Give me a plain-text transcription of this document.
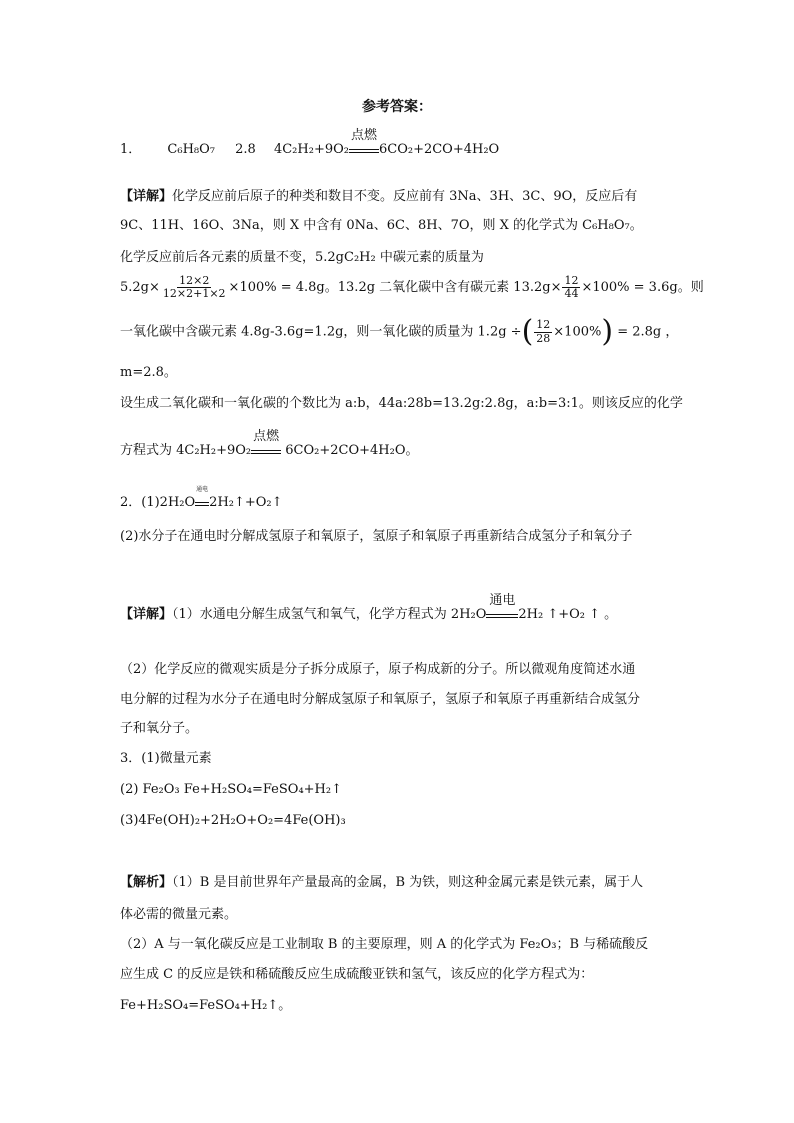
参考答案：
1． C₆H₈O₇ 2.8 4C₂H₂+9O₂
点燃
6CO₂+2CO+4H₂O
【详解】化学反应前后原子的种类和数目不变。反应前有 3Na、3H、3C、9O，反应后有
9C、11H、16O、3Na，则 X 中含有 0Na、6C、8H、7O，则 X 的化学式为 C₆H₈O₇。
化学反应前后各元素的质量不变，5.2gC₂H₂ 中碳元素的质量为
$5.2g\times \frac{12\times 2}{12\times 2+1\times 2} \times 100\% = 4.8g$。13.2g 二氧化碳中含有碳元素 $13.2g\times \frac{12}{44} \times 100\% = 3.6g$。则
一氧化碳中含碳元素 4.8g-3.6g=1.2g，则一氧化碳的质量为 1.2g ÷( $\frac{12}{28} \times 100\%) = 2.8g$ ，
m=2.8。
设生成二氧化碳和一氧化碳的个数比为 a:b，44a:28b=13.2g:2.8g，a:b=3:1。则该反应的化学
方程式为 4C₂H₂+9O₂
点燃
6CO₂+2CO+4H₂O。
2．(1)2H₂O
通电
2H₂↑+O₂↑
(2)水分子在通电时分解成氢原子和氧原子，氢原子和氧原子再重新结合成氢分子和氧分子
【详解】（1）水通电分解生成氢气和氧气，化学方程式为 2H₂O
通电
2H₂ ↑+O₂ ↑ 。
（2）化学反应的微观实质是分子拆分成原子，原子构成新的分子。所以微观角度简述水通
电分解的过程为水分子在通电时分解成氢原子和氧原子，氢原子和氧原子再重新结合成氢分
子和氧分子。
3．(1)微量元素
(2) Fe₂O₃ Fe+H₂SO₄=FeSO₄+H₂↑
(3)4Fe(OH)₂+2H₂O+O₂=4Fe(OH)₃
【解析】（1）B 是目前世界年产量最高的金属，B 为铁，则这种金属元素是铁元素，属于人
体必需的微量元素。
（2）A 与一氧化碳反应是工业制取 B 的主要原理，则 A 的化学式为 Fe₂O₃；B 与稀硫酸反
应生成 C 的反应是铁和稀硫酸反应生成硫酸亚铁和氢气，该反应的化学方程式为：
Fe+H₂SO₄=FeSO₄+H₂↑。
